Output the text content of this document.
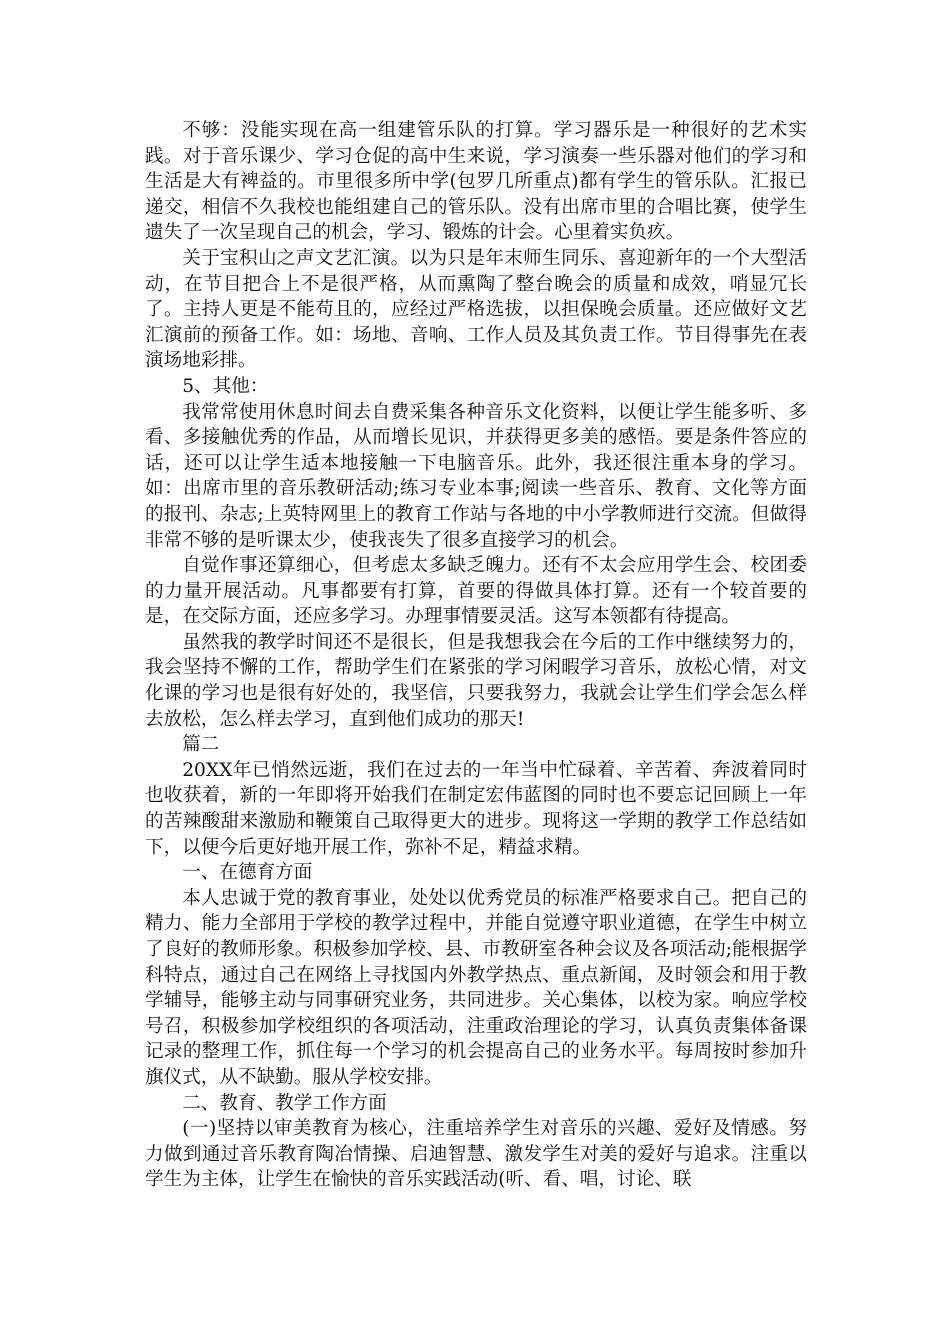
不够：没能实现在高一组建管乐队的打算。学习器乐是一种很好的艺术实践。对于音乐课少、学习仓促的高中生来说，学习演奏一些乐器对他们的学习和生活是大有裨益的。市里很多所中学(包罗几所重点)都有学生的管乐队。汇报已递交，相信不久我校也能组建自己的管乐队。没有出席市里的合唱比赛，使学生遗失了一次呈现自己的机会，学习、锻炼的计会。心里着实负疚。

关于宝积山之声文艺汇演。以为只是年末师生同乐、喜迎新年的一个大型活动，在节目把合上不是很严格，从而熏陶了整台晚会的质量和成效，哨显冗长了。主持人更是不能苟且的，应经过严格选拔，以担保晚会质量。还应做好文艺汇演前的预备工作。如：场地、音响、工作人员及其负责工作。节目得事先在表演场地彩排。

5、其他：

我常常使用休息时间去自费采集各种音乐文化资料，以便让学生能多听、多看、多接触优秀的作品，从而增长见识，并获得更多美的感悟。要是条件答应的话，还可以让学生适本地接触一下电脑音乐。此外，我还很注重本身的学习。如：出席市里的音乐教研活动;练习专业本事;阅读一些音乐、教育、文化等方面的报刊、杂志;上英特网里上的教育工作站与各地的中小学教师进行交流。但做得非常不够的是听课太少，使我丧失了很多直接学习的机会。

自觉作事还算细心，但考虑太多缺乏魄力。还有不太会应用学生会、校团委的力量开展活动。凡事都要有打算，首要的得做具体打算。还有一个较首要的是，在交际方面，还应多学习。办理事情要灵活。这写本领都有待提高。

虽然我的教学时间还不是很长，但是我想我会在今后的工作中继续努力的，我会坚持不懈的工作，帮助学生们在紧张的学习闲暇学习音乐，放松心情，对文化课的学习也是很有好处的，我坚信，只要我努力，我就会让学生们学会怎么样去放松，怎么样去学习，直到他们成功的那天!

篇二

20XX年已悄然远逝，我们在过去的一年当中忙碌着、辛苦着、奔波着同时也收获着，新的一年即将开始我们在制定宏伟蓝图的同时也不要忘记回顾上一年的苦辣酸甜来激励和鞭策自己取得更大的进步。现将这一学期的教学工作总结如下，以便今后更好地开展工作，弥补不足，精益求精。

一、在德育方面

本人忠诚于党的教育事业，处处以优秀党员的标准严格要求自己。把自己的精力、能力全部用于学校的教学过程中，并能自觉遵守职业道德，在学生中树立了良好的教师形象。积极参加学校、县、市教研室各种会议及各项活动;能根据学科特点，通过自己在网络上寻找国内外教学热点、重点新闻，及时领会和用于教学辅导，能够主动与同事研究业务，共同进步。关心集体，以校为家。响应学校号召，积极参加学校组织的各项活动，注重政治理论的学习，认真负责集体备课记录的整理工作，抓住每一个学习的机会提高自己的业务水平。每周按时参加升旗仪式，从不缺勤。服从学校安排。

二、教育、教学工作方面

(一)坚持以审美教育为核心，注重培养学生对音乐的兴趣、爱好及情感。努力做到通过音乐教育陶冶情操、启迪智慧、激发学生对美的爱好与追求。注重以学生为主体，让学生在愉快的音乐实践活动(听、看、唱，讨论、联
